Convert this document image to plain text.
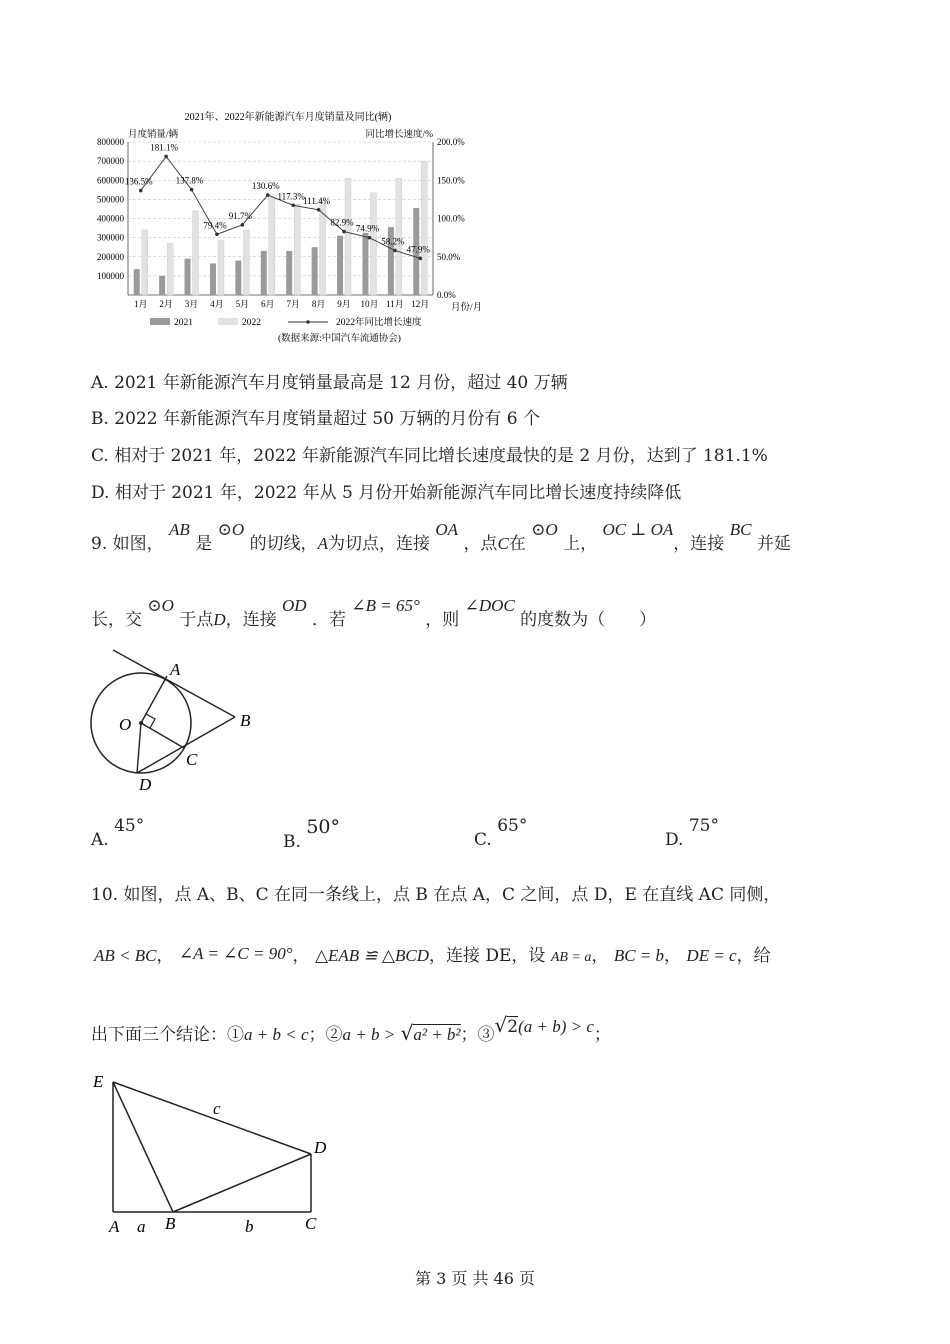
2021年、2022年新能源汽车月度销量及同比(辆)
月度销量/辆	同比增长速度/%
800000
700000
600000
500000
400000
300000
200000
100000
200.0%
150.0%
100.0%
50.0%
0.0%
136.5%
181.1%
137.8%
79.4%
91.7%
130.6%
117.3%
111.4%
82.9%
74.9%
58.2%
47.9%
1月 2月 3月 4月 5月 6月 7月 8月 9月 10月 11月 12月 月份/月
2021	2022	2022年同比增长速度
(数据来源:中国汽车流通协会)
A. 2021 年新能源汽车月度销量最高是 12 月份，超过 40 万辆
B. 2022 年新能源汽车月度销量超过 50 万辆的月份有 6 个
C. 相对于 2021 年，2022 年新能源汽车同比增长速度最快的是 2 月份，达到了 181.1%
D. 相对于 2021 年，2022 年从 5 月份开始新能源汽车同比增长速度持续降低
9. 如图， AB 是 ⊙O 的切线，A为切点，连接 OA ，点C在 ⊙O 上， OC ⊥ OA，连接 BC 并延
长，交 ⊙O 于点D，连接 OD ．若 ∠B = 65° ，则 ∠DOC 的度数为（　　）
A
B
O
C
D
A. 45°
B. 50°
C. 65°
D. 75°
10. 如图，点 A、B、C 在同一条线上，点 B 在点 A，C 之间，点 D，E 在直线 AC 同侧，
AB < BC， ∠A = ∠C = 90°， △EAB ≌ △BCD，连接 DE，设 AB = a， BC = b， DE = c，给
出下面三个结论：①a + b < c；②a + b > √a² + b²；③√2(a + b) > c；
E
c
D
A a B	b	C
第 3 页 共 46 页
